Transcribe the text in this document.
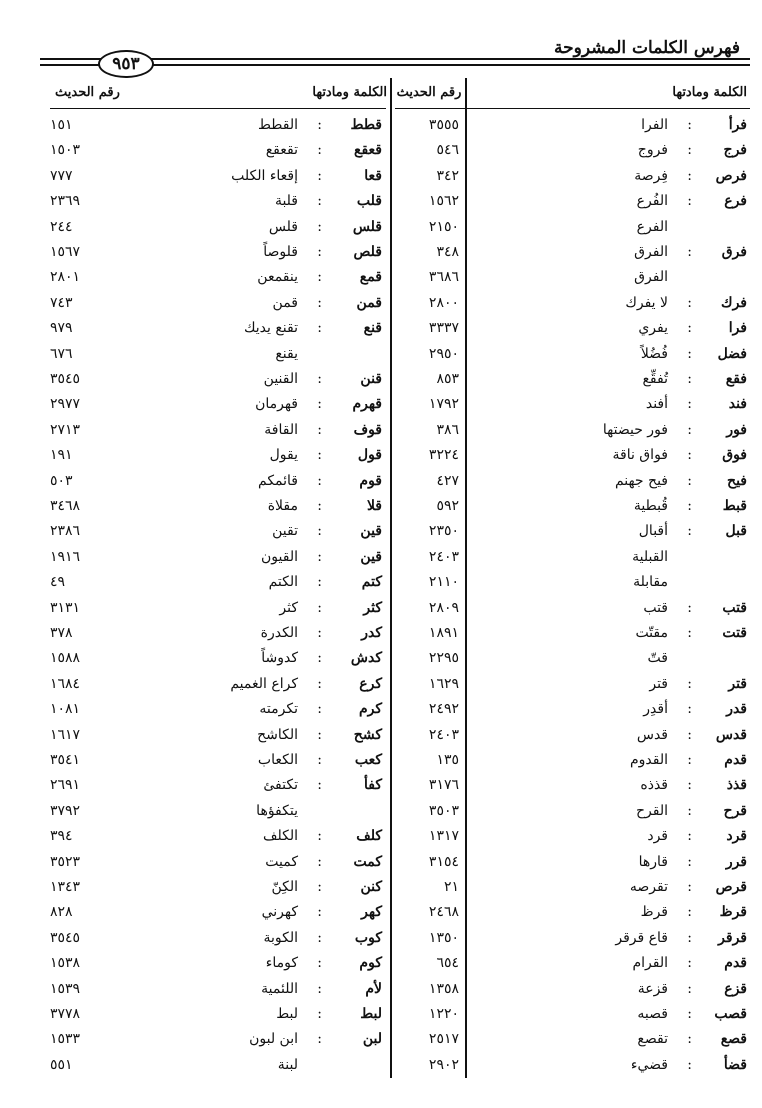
فهرس الكلمات المشروحة
٩٥٣
الكلمة ومادتها
رقم الحديث
الكلمة ومادتها
رقم الحديث
فرأ
:
الفرا
٣٥٥٥
فرج
:
فروج
٥٤٦
فرص
:
فِرصة
٣٤٢
فرع
:
الفُرع
١٥٦٢
الفرع
٢١٥٠
فرق
:
الفرق
٣٤٨
الفرق
٣٦٨٦
فرك
:
لا يفرك
٢٨٠٠
فرا
:
يفري
٣٣٣٧
فضل
:
فُضُلاً
٢٩٥٠
فقع
:
تُفقِّع
٨٥٣
فند
:
أفند
١٧٩٢
فور
:
فور حيضتها
٣٨٦
فوق
:
فواق ناقة
٣٢٢٤
فيح
:
فيح جهنم
٤٢٧
قبط
:
قُبطية
٥٩٢
قبل
:
أقبال
٢٣٥٠
القبلية
٢٤٠٣
مقابلة
٢١١٠
قتب
:
قتب
٢٨٠٩
قتت
:
مقتّت
١٨٩١
قتّ
٢٢٩٥
قتر
:
قتر
١٦٢٩
قدر
:
أقدِر
٢٤٩٢
قدس
:
قدس
٢٤٠٣
قدم
:
القدوم
١٣٥
قذذ
:
قذذه
٣١٧٦
قرح
:
القرح
٣٥٠٣
قرد
:
قرد
١٣١٧
قرر
:
قارها
٣١٥٤
قرص
:
تقرصه
٢١
قرظ
:
قرظ
٢٤٦٨
قرقر
:
قاع قرقر
١٣٥٠
قدم
:
القرام
٦٥٤
قزع
:
قزعة
١٣٥٨
قصب
:
قصبه
١٢٢٠
قصع
:
تقصع
٢٥١٧
قضأ
:
قضيء
٢٩٠٢
قطط
:
القطط
١٥١
قعقع
:
تقعقع
١٥٠٣
قعا
:
إقعاء الكلب
٧٧٧
قلب
:
قلبة
٢٣٦٩
قلس
:
قلس
٢٤٤
قلص
:
قلوصاً
١٥٦٧
قمع
:
ينقمعن
٢٨٠١
قمن
:
قمن
٧٤٣
قنع
:
تقنع يديك
٩٧٩
يقنع
٦٧٦
قنن
:
القنين
٣٥٤٥
قهرم
:
قهرمان
٢٩٧٧
قوف
:
القافة
٢٧١٣
قول
:
يقول
١٩١
قوم
:
قائمكم
٥٠٣
قلا
:
مقلاة
٣٤٦٨
قين
:
تقين
٢٣٨٦
قين
:
القيون
١٩١٦
كتم
:
الكتم
٤٩
كثر
:
كثر
٣١٣١
كدر
:
الكدرة
٣٧٨
كدش
:
كدوشاً
١٥٨٨
كرع
:
كراع الغميم
١٦٨٤
كرم
:
تكرمته
١٠٨١
كشح
:
الكاشح
١٦١٧
كعب
:
الكعاب
٣٥٤١
كفأ
:
تكتفئ
٢٦٩١
يتكفؤها
٣٧٩٢
كلف
:
الكلف
٣٩٤
كمت
:
كميت
٣٥٢٣
كنن
:
الكِنّ
١٣٤٣
كهر
:
كهرني
٨٢٨
كوب
:
الكوبة
٣٥٤٥
كوم
:
كوماء
١٥٣٨
لأم
:
اللئمية
١٥٣٩
لبط
:
لبط
٣٧٧٨
لبن
:
ابن لبون
١٥٣٣
لبنة
٥٥١
